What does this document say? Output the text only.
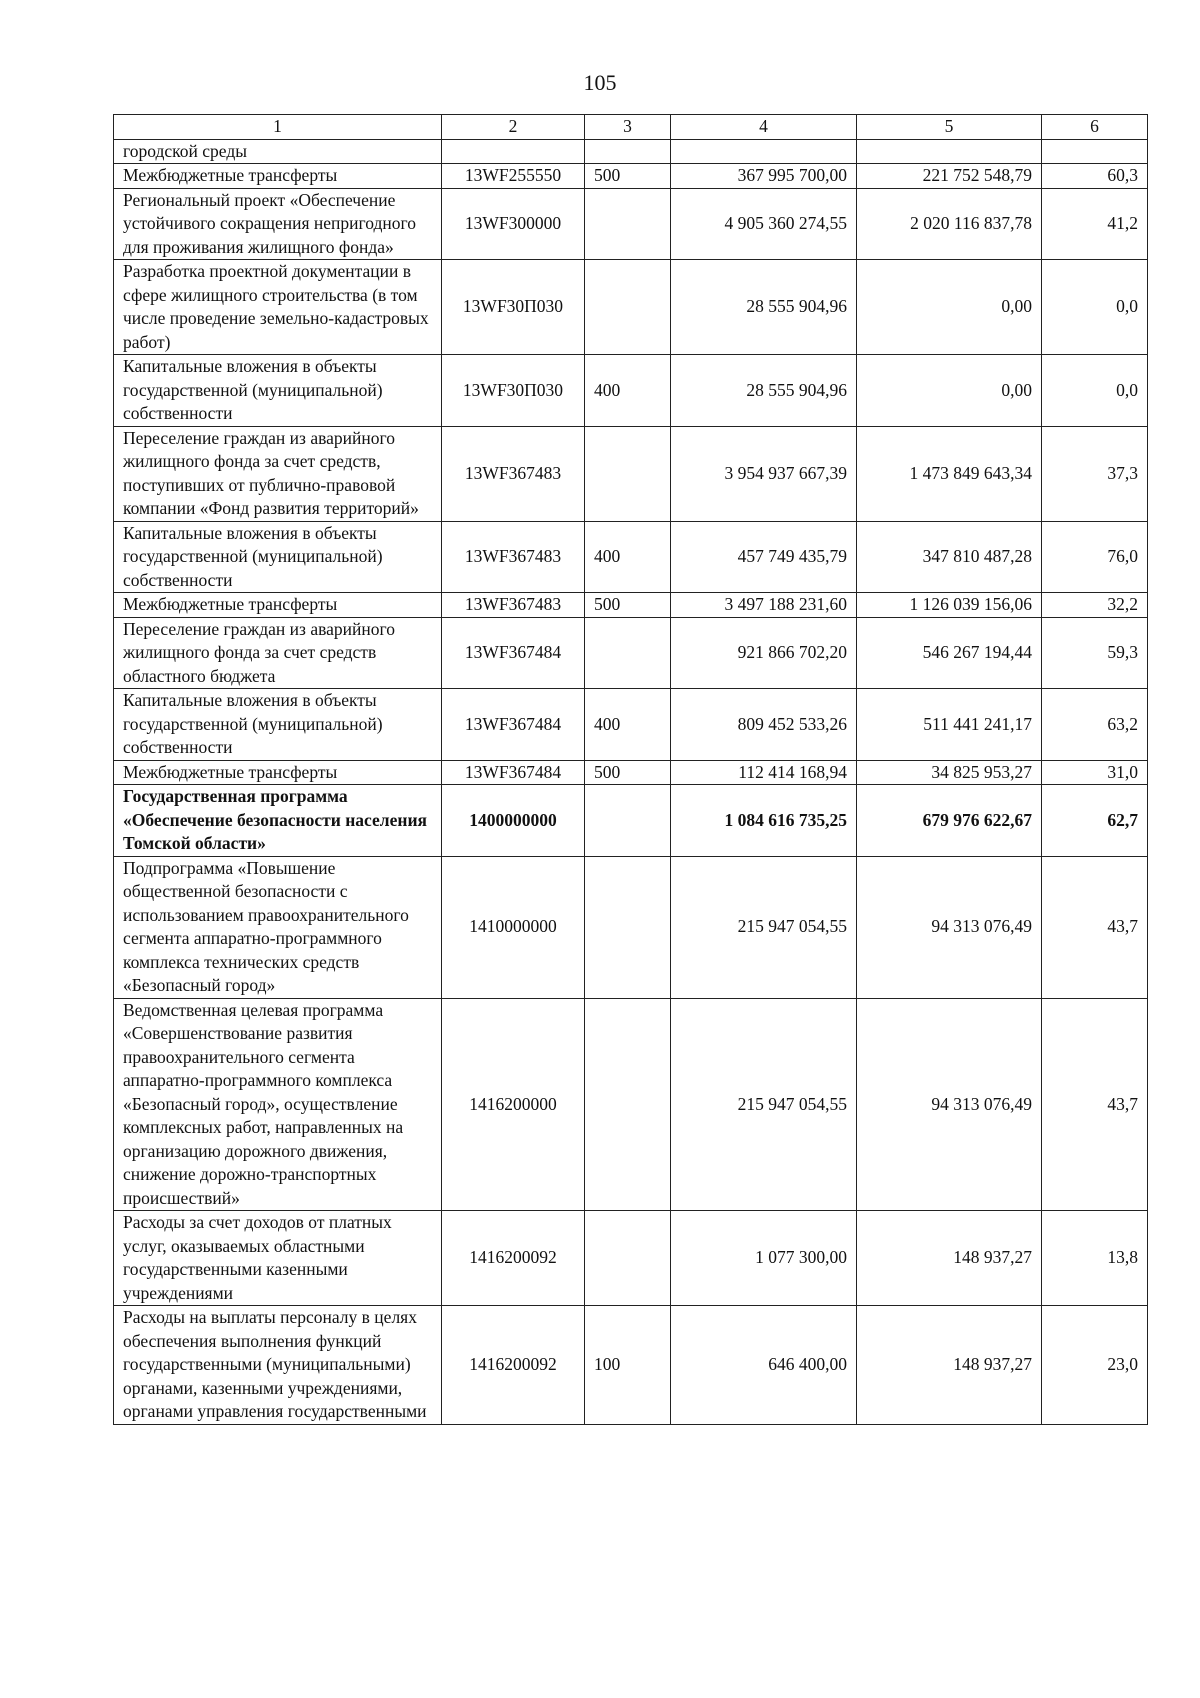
105
1	2	3	4	5	6
городской среды					
Межбюджетные трансферты	13WF255550	500	367 995 700,00	221 752 548,79	60,3
Региональный проект «Обеспечение устойчивого сокращения непригодного для проживания жилищного фонда»	13WF300000		4 905 360 274,55	2 020 116 837,78	41,2
Разработка проектной документации в сфере жилищного строительства (в том числе проведение земельно-кадастровых работ)	13WF30П030		28 555 904,96	0,00	0,0
Капитальные вложения в объекты государственной (муниципальной) собственности	13WF30П030	400	28 555 904,96	0,00	0,0
Переселение граждан из аварийного жилищного фонда за счет средств, поступивших от публично-правовой компании «Фонд развития территорий»	13WF367483		3 954 937 667,39	1 473 849 643,34	37,3
Капитальные вложения в объекты государственной (муниципальной) собственности	13WF367483	400	457 749 435,79	347 810 487,28	76,0
Межбюджетные трансферты	13WF367483	500	3 497 188 231,60	1 126 039 156,06	32,2
Переселение граждан из аварийного жилищного фонда за счет средств областного бюджета	13WF367484		921 866 702,20	546 267 194,44	59,3
Капитальные вложения в объекты государственной (муниципальной) собственности	13WF367484	400	809 452 533,26	511 441 241,17	63,2
Межбюджетные трансферты	13WF367484	500	112 414 168,94	34 825 953,27	31,0
Государственная программа «Обеспечение безопасности населения Томской области»	1400000000		1 084 616 735,25	679 976 622,67	62,7
Подпрограмма «Повышение общественной безопасности с использованием правоохранительного сегмента аппаратно-программного комплекса технических средств «Безопасный город»	1410000000		215 947 054,55	94 313 076,49	43,7
Ведомственная целевая программа «Совершенствование развития правоохранительного сегмента аппаратно-программного комплекса «Безопасный город», осуществление комплексных работ, направленных на организацию дорожного движения, снижение дорожно-транспортных происшествий»	1416200000		215 947 054,55	94 313 076,49	43,7
Расходы за счет доходов от платных услуг, оказываемых областными государственными казенными учреждениями	1416200092		1 077 300,00	148 937,27	13,8
Расходы на выплаты персоналу в целях обеспечения выполнения функций государственными (муниципальными) органами, казенными учреждениями, органами управления государственными	1416200092	100	646 400,00	148 937,27	23,0
